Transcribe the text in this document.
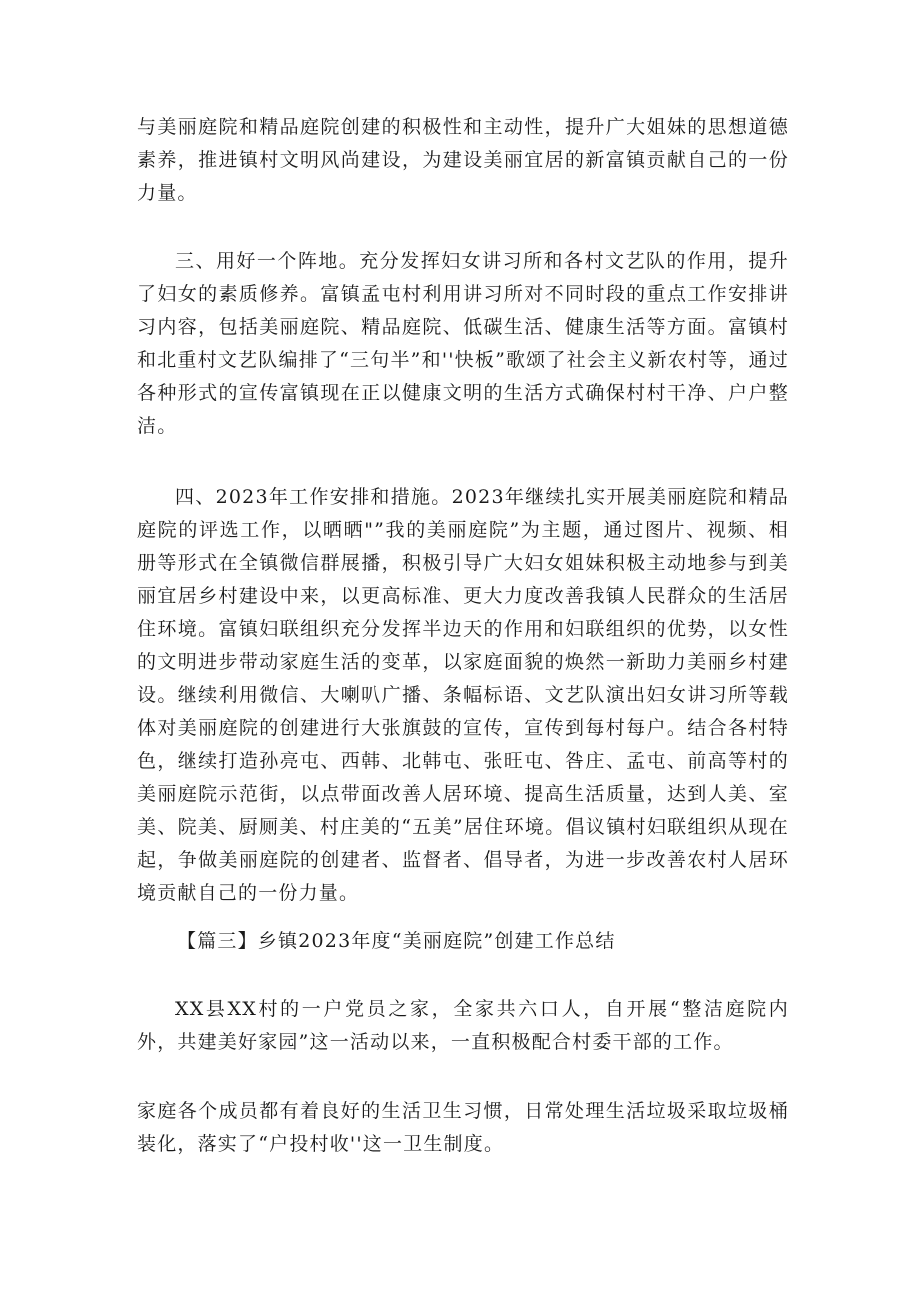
与美丽庭院和精品庭院创建的积极性和主动性，提升广大姐妹的思想道德素养，推进镇村文明风尚建设，为建设美丽宜居的新富镇贡献自己的一份力量。

三、用好一个阵地。充分发挥妇女讲习所和各村文艺队的作用，提升了妇女的素质修养。富镇孟屯村利用讲习所对不同时段的重点工作安排讲习内容，包括美丽庭院、精品庭院、低碳生活、健康生活等方面。富镇村和北重村文艺队编排了“三句半”和''快板”歌颂了社会主义新农村等，通过各种形式的宣传富镇现在正以健康文明的生活方式确保村村干净、户户整洁。

四、2023年工作安排和措施。2023年继续扎实开展美丽庭院和精品庭院的评选工作，以晒晒"”我的美丽庭院”为主题，通过图片、视频、相册等形式在全镇微信群展播，积极引导广大妇女姐妹积极主动地参与到美丽宜居乡村建设中来，以更高标准、更大力度改善我镇人民群众的生活居住环境。富镇妇联组织充分发挥半边天的作用和妇联组织的优势，以女性的文明进步带动家庭生活的变革，以家庭面貌的焕然一新助力美丽乡村建设。继续利用微信、大喇叭广播、条幅标语、文艺队演出妇女讲习所等载体对美丽庭院的创建进行大张旗鼓的宣传，宣传到每村每户。结合各村特色，继续打造孙亮屯、西韩、北韩屯、张旺屯、咎庄、孟屯、前高等村的美丽庭院示范街，以点带面改善人居环境、提高生活质量，达到人美、室美、院美、厨厕美、村庄美的“五美”居住环境。倡议镇村妇联组织从现在起，争做美丽庭院的创建者、监督者、倡导者，为进一步改善农村人居环境贡献自己的一份力量。

【篇三】乡镇2023年度“美丽庭院”创建工作总结

XX县XX村的一户党员之家，全家共六口人，自开展“整洁庭院内外，共建美好家园”这一活动以来，一直积极配合村委干部的工作。

家庭各个成员都有着良好的生活卫生习惯，日常处理生活垃圾采取垃圾桶装化，落实了“户投村收''这一卫生制度。
